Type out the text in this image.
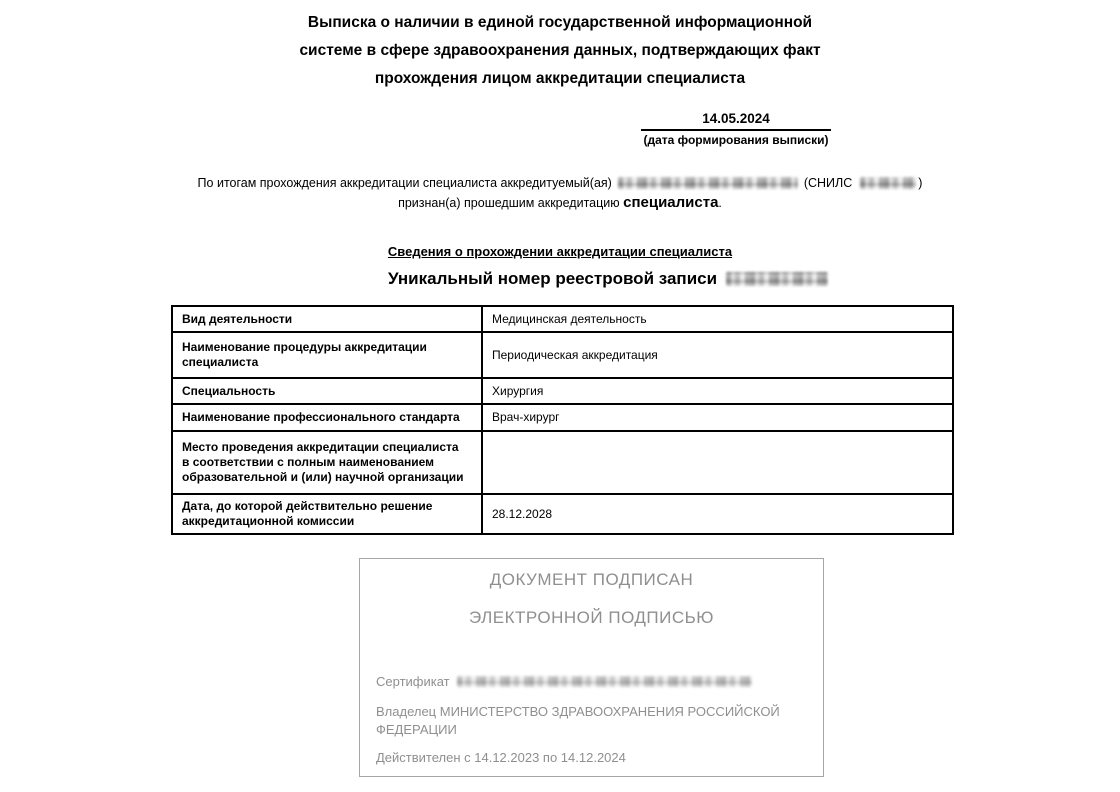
Выписка о наличии в единой государственной информационной
системе в сфере здравоохранения данных, подтверждающих факт
прохождения лицом аккредитации специалиста
14.05.2024
(дата формирования выписки)
По итогам прохождения аккредитации специалиста аккредитуемый(ая)	(СНИЛС	)
признан(а) прошедшим аккредитацию специалиста.
Сведения о прохождении аккредитации специалиста
Уникальный номер реестровой записи
Вид деятельности	Медицинская деятельность
Наименование процедуры аккредитации специалиста	Периодическая аккредитация
Специальность	Хирургия
Наименование профессионального стандарта	Врач-хирург
Место проведения аккредитации специалиста в соответствии с полным наименованием образовательной и (или) научной организации	
Дата, до которой действительно решение аккредитационной комиссии	28.12.2028
ДОКУМЕНТ ПОДПИСАН
ЭЛЕКТРОННОЙ ПОДПИСЬЮ
Сертификат
Владелец МИНИСТЕРСТВО ЗДРАВООХРАНЕНИЯ РОССИЙСКОЙ ФЕДЕРАЦИИ
Действителен с 14.12.2023 по 14.12.2024
